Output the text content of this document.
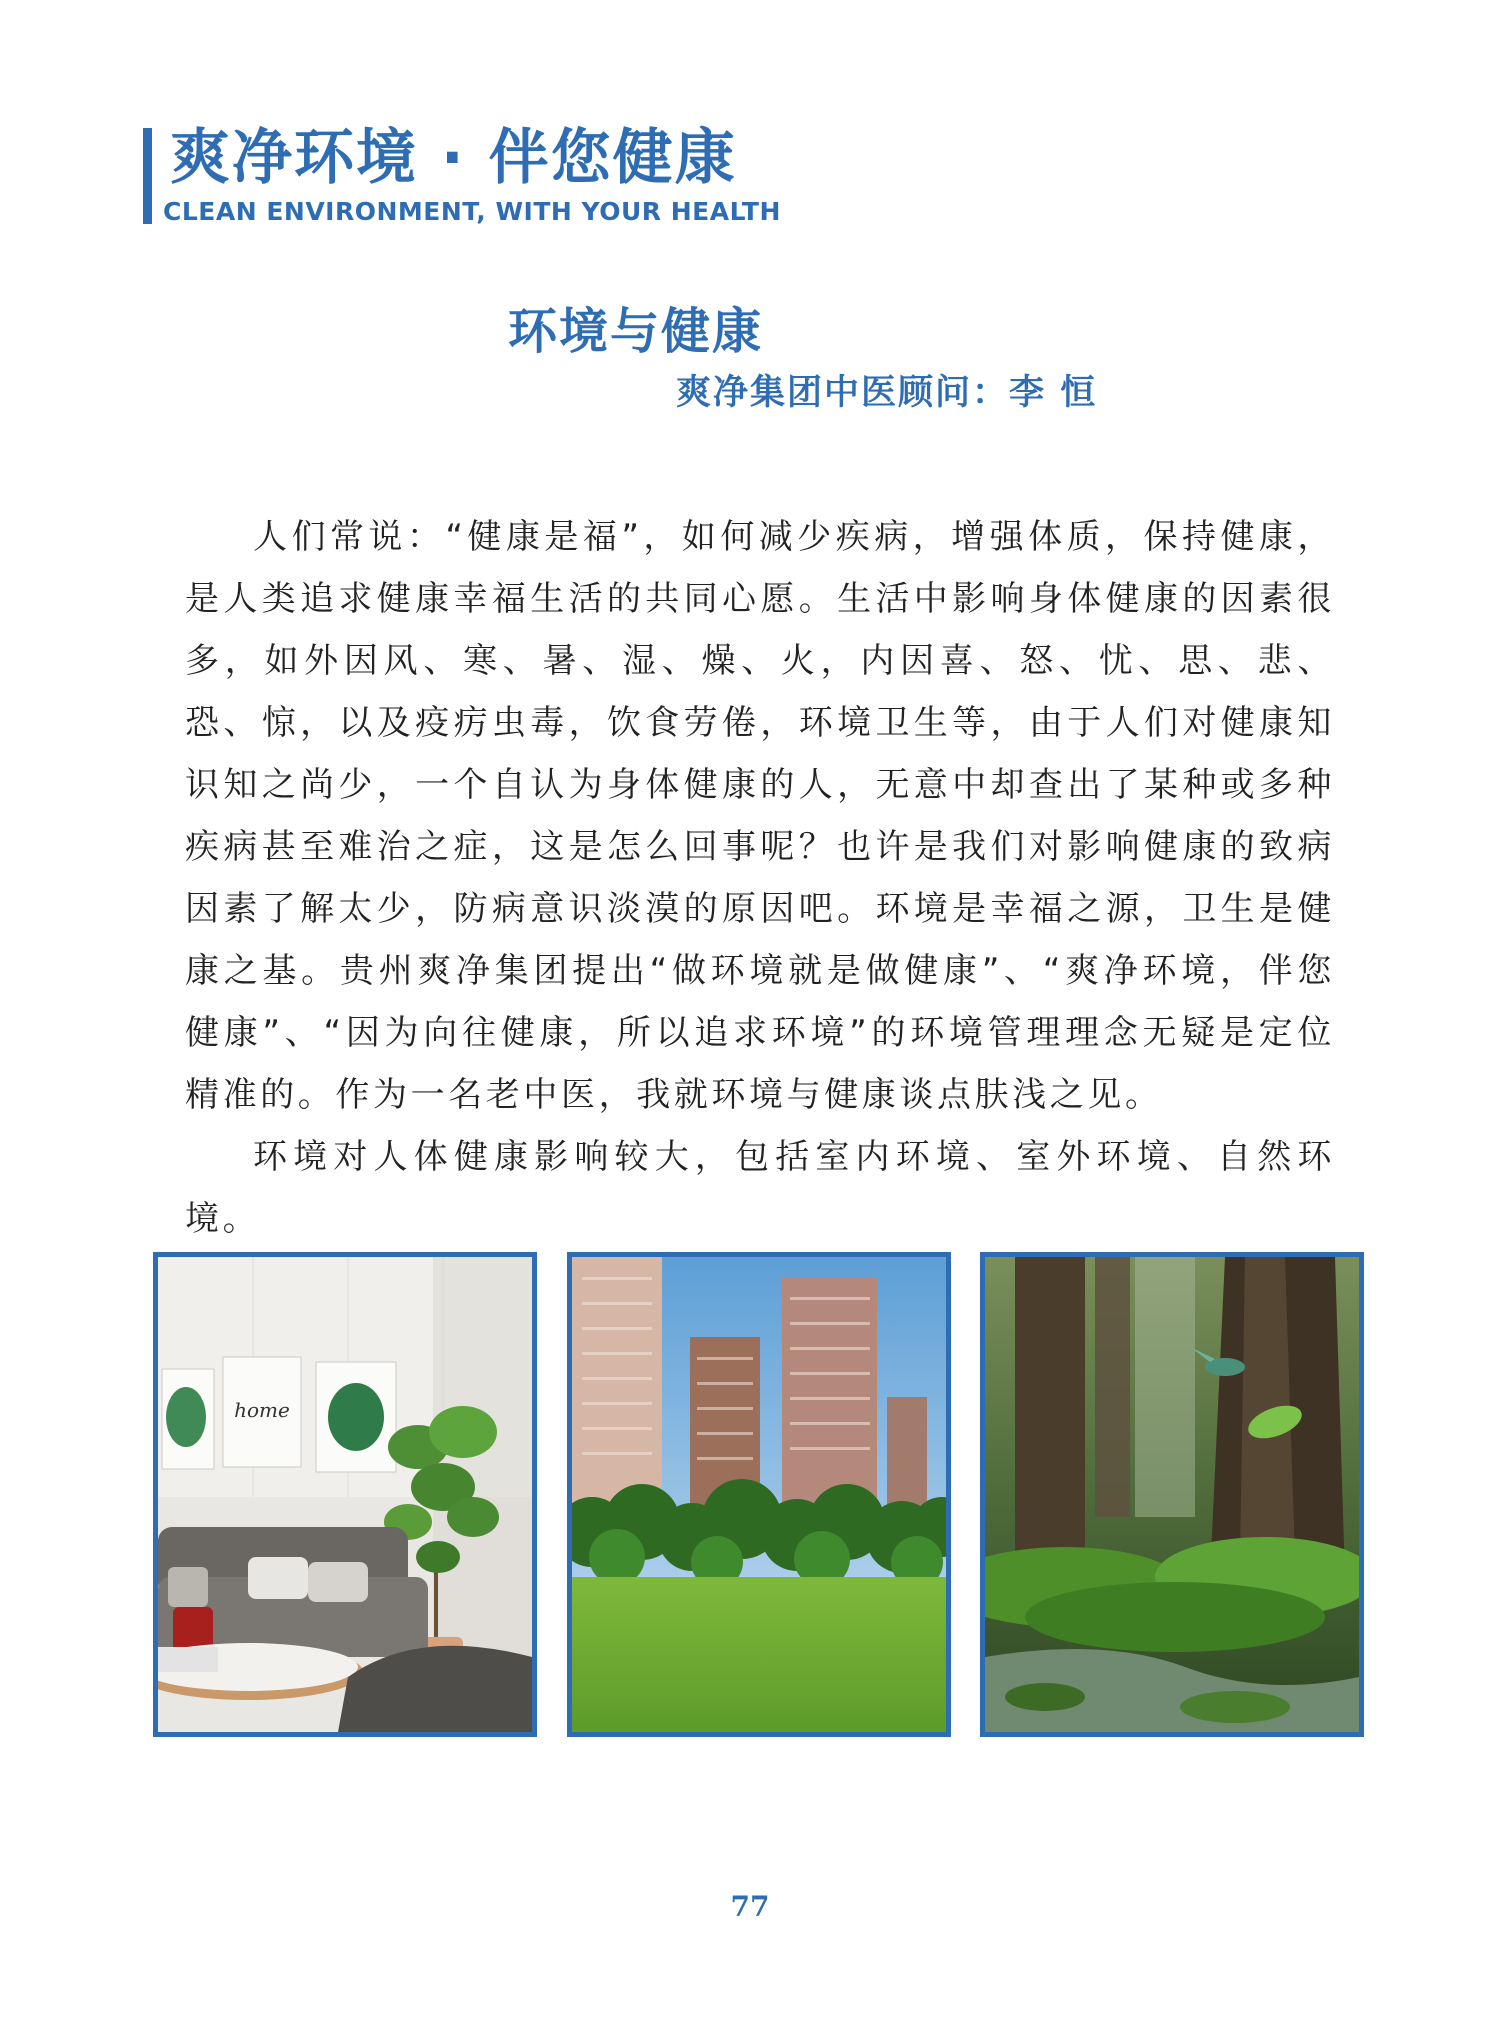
爽净环境 · 伴您健康
CLEAN ENVIRONMENT, WITH YOUR HEALTH
环境与健康
爽净集团中医顾问：李 恒

人们常说：“健康是福”，如何减少疾病，增强体质，保持健康，是人类追求健康幸福生活的共同心愿。生活中影响身体健康的因素很多，如外因风、寒、暑、湿、燥、火，内因喜、怒、忧、思、悲、恐、惊，以及疫疠虫毒，饮食劳倦，环境卫生等，由于人们对健康知识知之尚少，一个自认为身体健康的人，无意中却查出了某种或多种疾病甚至难治之症，这是怎么回事呢？也许是我们对影响健康的致病因素了解太少，防病意识淡漠的原因吧。环境是幸福之源，卫生是健康之基。贵州爽净集团提出“做环境就是做健康”、“爽净环境，伴您健康”、“因为向往健康，所以追求环境”的环境管理理念无疑是定位精准的。作为一名老中医，我就环境与健康谈点肤浅之见。

环境对人体健康影响较大，包括室内环境、室外环境、自然环境。

home
77
